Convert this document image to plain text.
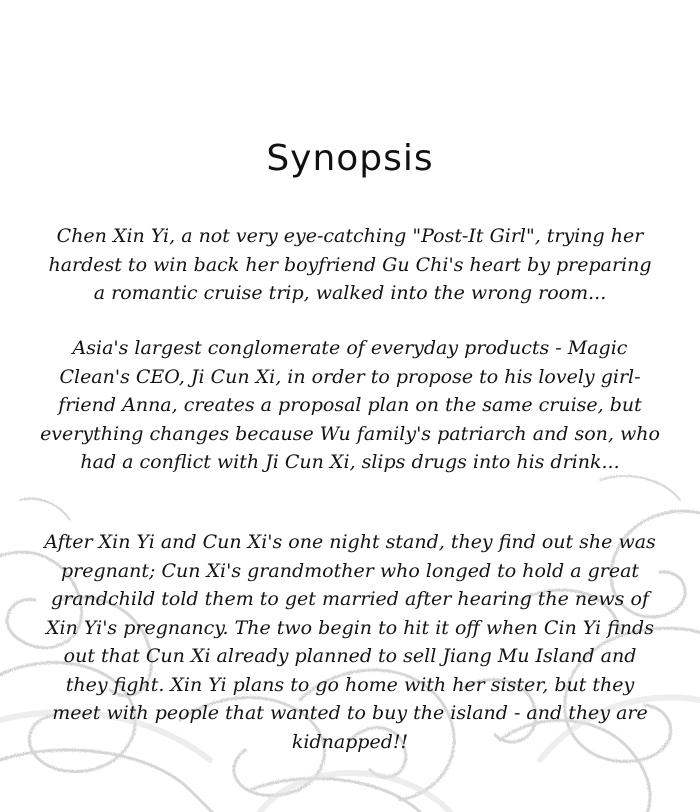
Synopsis

Chen Xin Yi, a not very eye-catching "Post-It Girl", trying her hardest to win back her boyfriend Gu Chi's heart by preparing a romantic cruise trip, walked into the wrong room...

Asia's largest conglomerate of everyday products - Magic Clean's CEO, Ji Cun Xi, in order to propose to his lovely girl-friend Anna, creates a proposal plan on the same cruise, but everything changes because Wu family's patriarch and son, who had a conflict with Ji Cun Xi, slips drugs into his drink...

After Xin Yi and Cun Xi's one night stand, they find out she was pregnant; Cun Xi's grandmother who longed to hold a great grandchild told them to get married after hearing the news of Xin Yi's pregnancy. The two begin to hit it off when Cin Yi finds out that Cun Xi already planned to sell Jiang Mu Island and they fight. Xin Yi plans to go home with her sister, but they meet with people that wanted to buy the island - and they are kidnapped!!
